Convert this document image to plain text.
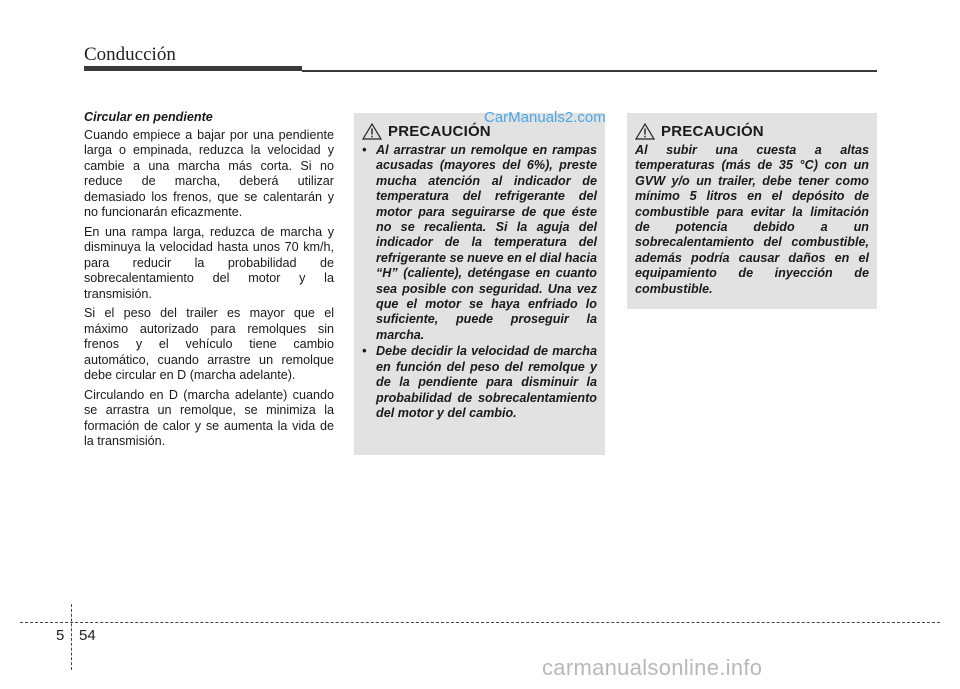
Conducción
Circular en pendiente

Cuando empiece a bajar por una pendiente larga o empinada, reduzca la velocidad y cambie a una marcha más corta. Si no reduce de marcha, deberá utilizar demasiado los frenos, que se calentarán y no funcionarán eficazmente.

En una rampa larga, reduzca de marcha y disminuya la velocidad hasta unos 70 km/h, para reducir la probabilidad de sobrecalentamiento del motor y la transmisión.

Si el peso del trailer es mayor que el máximo autorizado para remolques sin frenos y el vehículo tiene cambio automático, cuando arrastre un remolque debe circular en D (marcha adelante).

Circulando en D (marcha adelante) cuando se arrastra un remolque, se minimiza la formación de calor y se aumenta la vida de la transmisión.

PRECAUCIÓN
• Al arrastrar un remolque en rampas acusadas (mayores del 6%), preste mucha atención al indicador de temperatura del refrigerante del motor para seguirarse de que éste no se recalienta. Si la aguja del indicador de la temperatura del refrigerante se nueve en el dial hacia “H” (caliente), deténgase en cuanto sea posible con seguridad. Una vez que el motor se haya enfriado lo suficiente, puede proseguir la marcha.
• Debe decidir la velocidad de marcha en función del peso del remolque y de la pendiente para disminuir la probabilidad de sobrecalentamiento del motor y del cambio.
PRECAUCIÓN

Al subir una cuesta a altas temperaturas (más de 35 °C) con un GVW y/o un trailer, debe tener como mínimo 5 litros en el depósito de combustible para evitar la limitación de potencia debido a un sobrecalentamiento del combustible, además podría causar daños en el equipamiento de inyección de combustible.

CarManuals2.com
5 54
carmanualsonline.info
